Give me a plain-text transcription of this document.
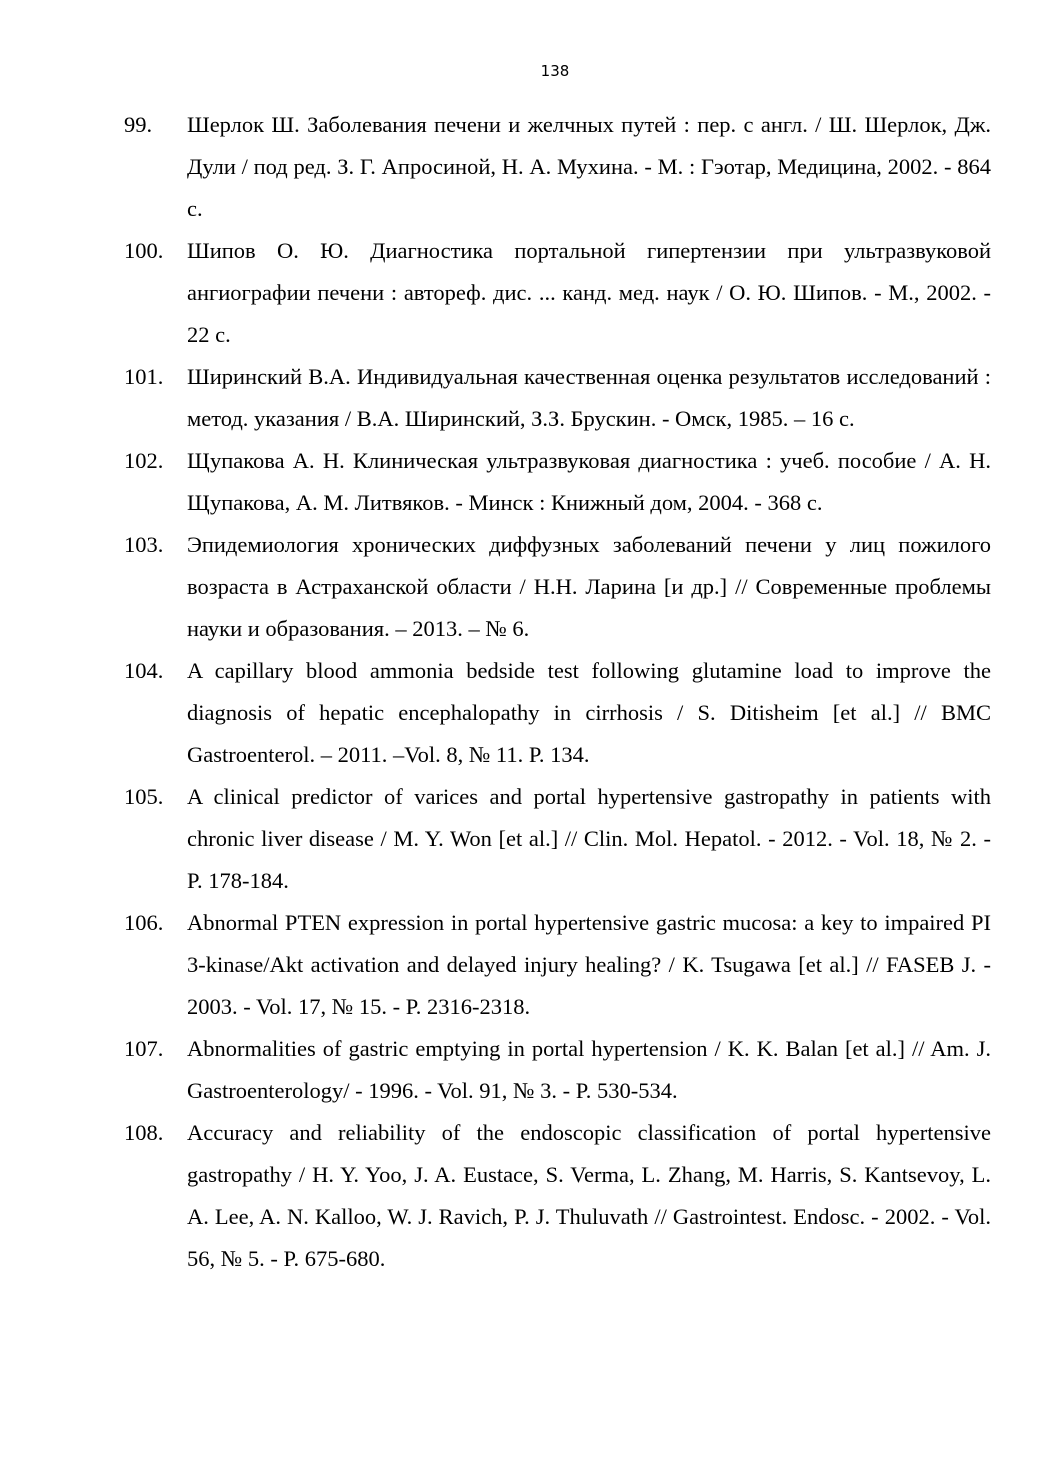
138
99. Шерлок Ш. Заболевания печени и желчных путей : пер. с англ. / Ш. Шерлок, Дж. Дули / под ред. З. Г. Апросиной, Н. А. Мухина. - М. : Гэотар, Медицина, 2002. - 864 с.
100. Шипов О. Ю. Диагностика портальной гипертензии при ультразвуковой ангиографии печени : автореф. дис. ... канд. мед. наук / О. Ю. Шипов. - М., 2002. - 22 с.
101. Ширинский В.А. Индивидуальная качественная оценка результатов исследований : метод. указания / В.А. Ширинский, З.З. Брускин. - Омск, 1985. – 16 с.
102. Щупакова А. Н. Клиническая ультразвуковая диагностика : учеб. пособие / А. Н. Щупакова, А. М. Литвяков. - Минск : Книжный дом, 2004. - 368 с.
103. Эпидемиология хронических диффузных заболеваний печени у лиц пожилого возраста в Астраханской области / Н.Н. Ларина [и др.] // Современные проблемы науки и образования. – 2013. – № 6.
104. A capillary blood ammonia bedside test following glutamine load to improve the diagnosis of hepatic encephalopathy in cirrhosis / S. Ditisheim [et al.] // BMC Gastroenterol. – 2011. –Vol. 8, № 11. P. 134.
105. A clinical predictor of varices and portal hypertensive gastropathy in patients with chronic liver disease / M. Y. Won [et al.] // Clin. Mol. Hepatol. - 2012. - Vol. 18, № 2. - P. 178-184.
106. Abnormal PTEN expression in portal hypertensive gastric mucosa: a key to impaired PI 3-kinase/Akt activation and delayed injury healing? / K. Tsugawa [et al.] // FASEB J. - 2003. - Vol. 17, № 15. - P. 2316-2318.
107. Abnormalities of gastric emptying in portal hypertension / K. K. Balan [et al.] // Am. J. Gastroenterology/ - 1996. - Vol. 91, № 3. - P. 530-534.
108. Accuracy and reliability of the endoscopic classification of portal hypertensive gastropathy / H. Y. Yoo, J. A. Eustace, S. Verma, L. Zhang, M. Harris, S. Kantsevoy, L. A. Lee, A. N. Kalloo, W. J. Ravich, P. J. Thuluvath // Gastrointest. Endosc. - 2002. - Vol. 56, № 5. - P. 675-680.
